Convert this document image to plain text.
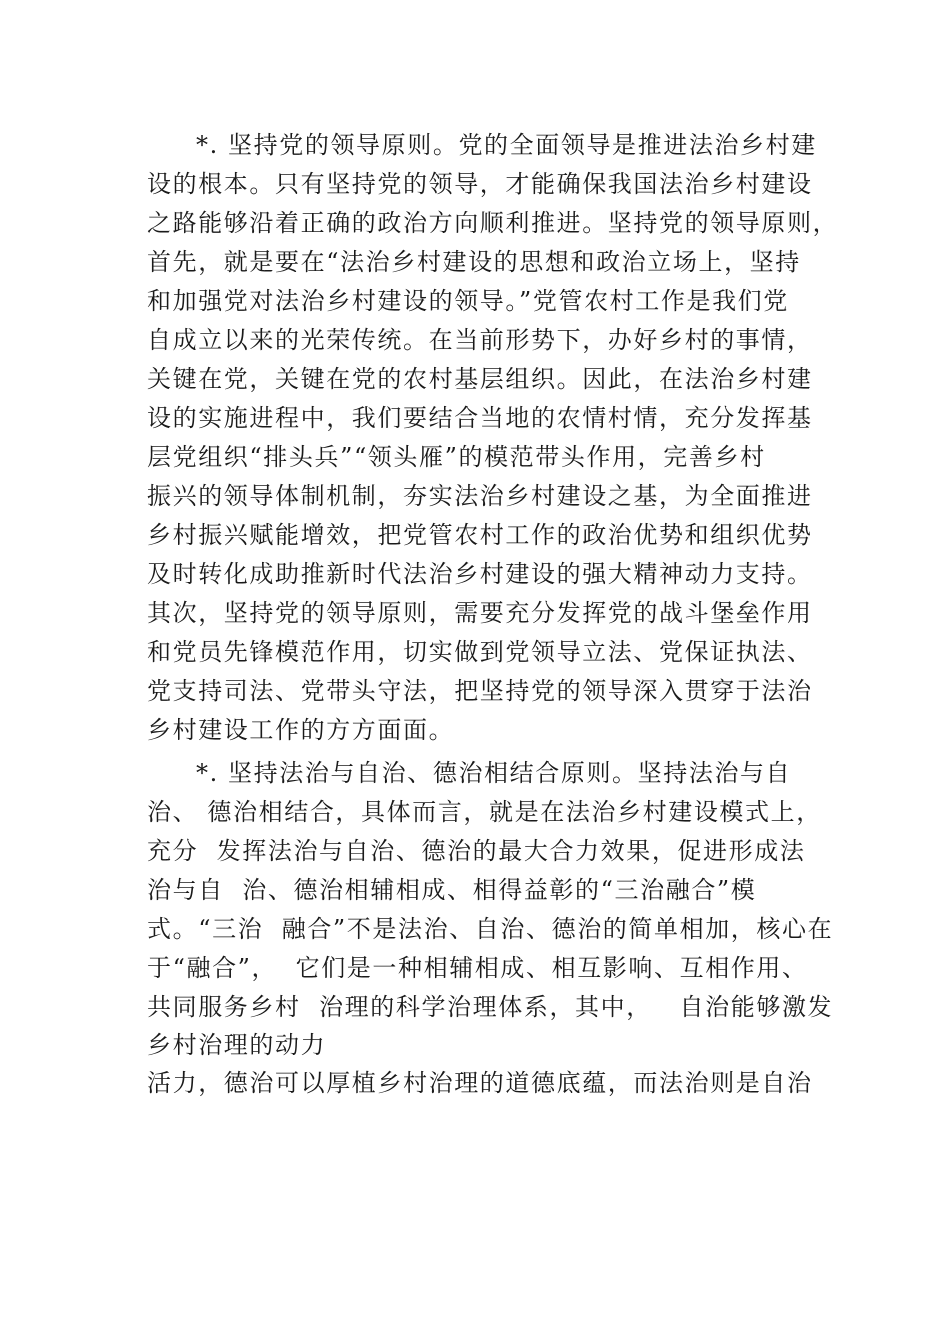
*. 坚持党的领导原则。党的全面领导是推进法治乡村建
设的根本。只有坚持党的领导，才能确保我国法治乡村建设
之路能够沿着正确的政治方向顺利推进。坚持党的领导原则，
首先，就是要在“法治乡村建设的思想和政治立场上，坚持
和加强党对法治乡村建设的领导。”党管农村工作是我们党
自成立以来的光荣传统。在当前形势下，办好乡村的事情，
关键在党，关键在党的农村基层组织。因此，在法治乡村建
设的实施进程中，我们要结合当地的农情村情，充分发挥基
层党组织“排头兵”“领头雁”的模范带头作用，完善乡村
振兴的领导体制机制，夯实法治乡村建设之基，为全面推进
乡村振兴赋能增效，把党管农村工作的政治优势和组织优势
及时转化成助推新时代法治乡村建设的强大精神动力支持。
其次，坚持党的领导原则，需要充分发挥党的战斗堡垒作用
和党员先锋模范作用，切实做到党领导立法、党保证执法、
党支持司法、党带头守法，把坚持党的领导深入贯穿于法治
乡村建设工作的方方面面。
*. 坚持法治与自治、德治相结合原则。坚持法治与自
治、 德治相结合，具体而言，就是在法治乡村建设模式上，
充分  发挥法治与自治、德治的最大合力效果，促进形成法
治与自  治、德治相辅相成、相得益彰的“三治融合”模
式。“三治  融合”不是法治、自治、德治的简单相加，核心在
于“融合”，  它们是一种相辅相成、相互影响、互相作用、
共同服务乡村  治理的科学治理体系，其中，   自治能够激发
乡村治理的动力
活力，德治可以厚植乡村治理的道德底蕴，而法治则是自治
